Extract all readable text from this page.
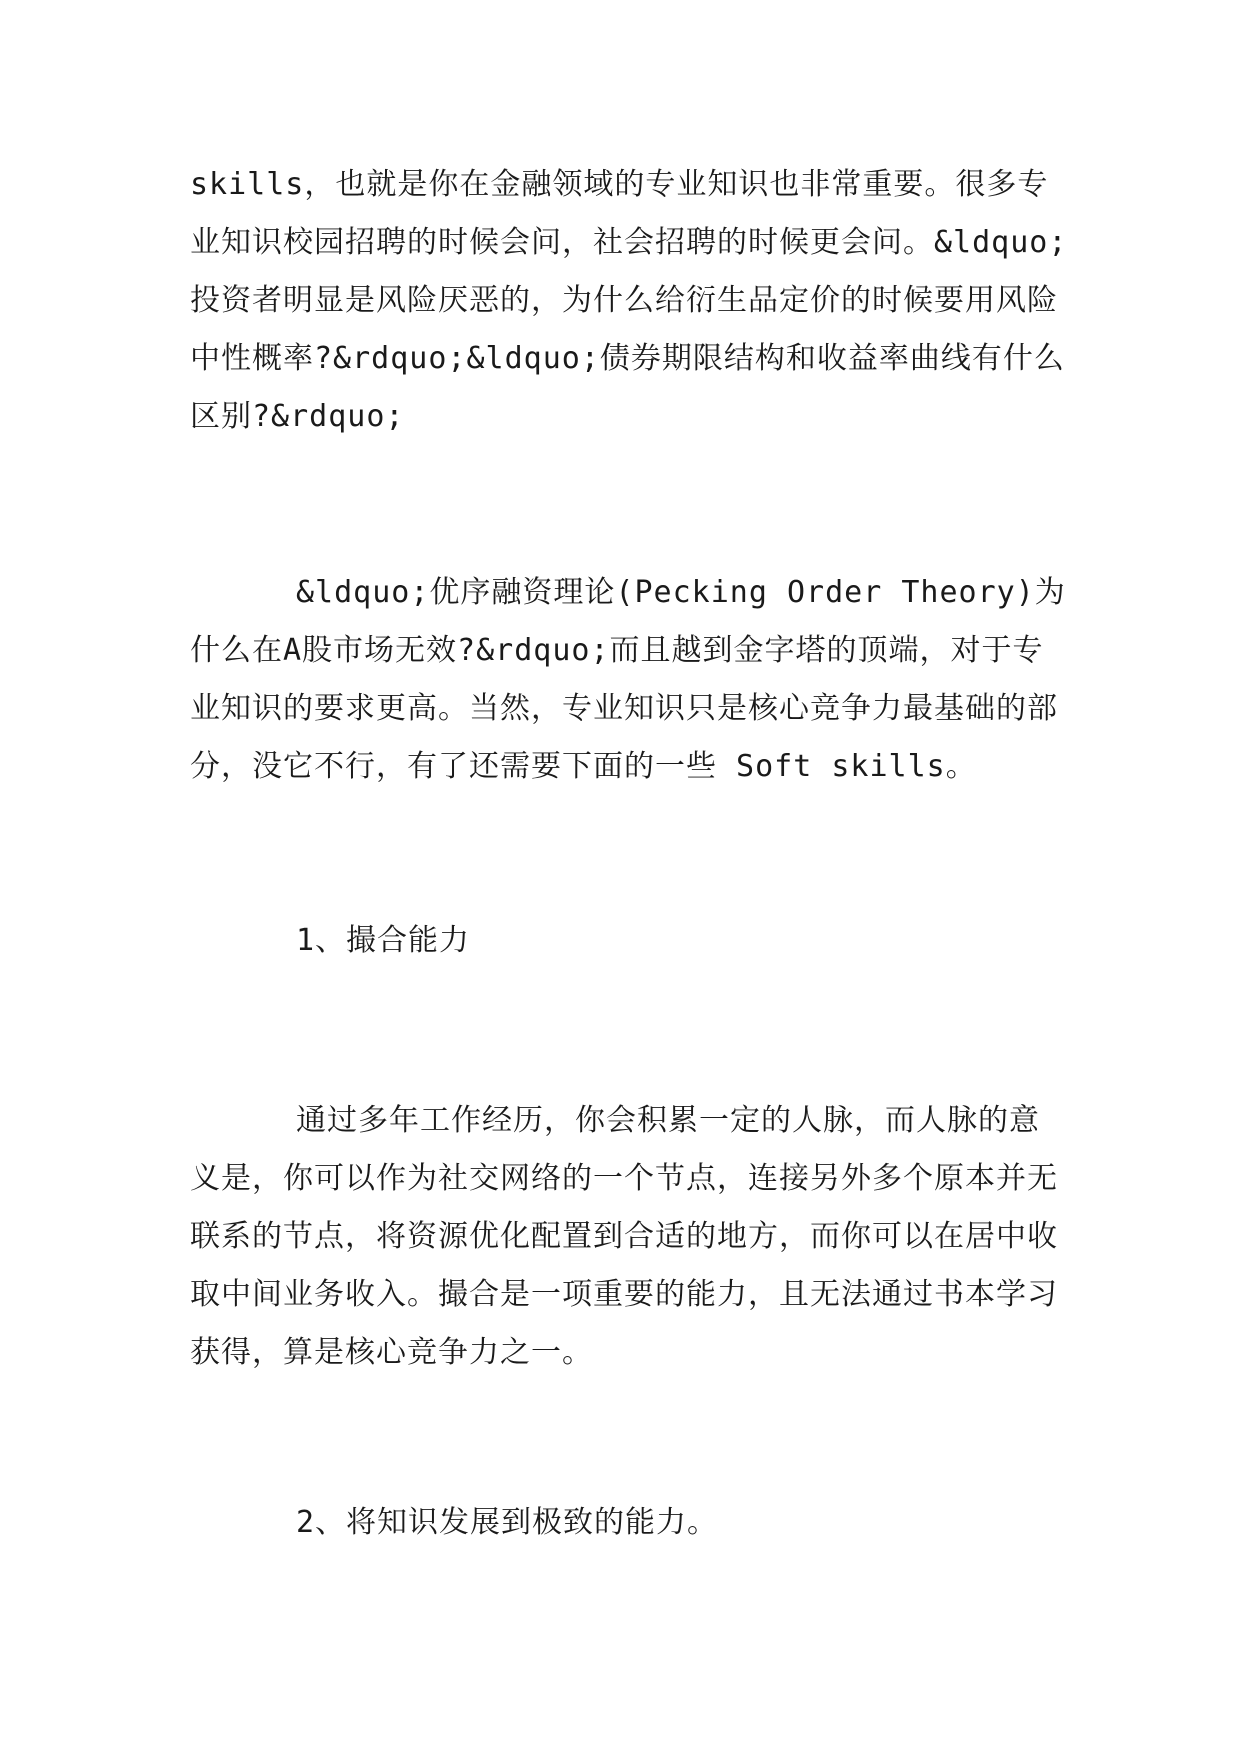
skills，也就是你在金融领域的专业知识也非常重要。很多专业知识校园招聘的时候会问，社会招聘的时候更会问。&ldquo;投资者明显是风险厌恶的，为什么给衍生品定价的时候要用风险中性概率?&rdquo;&ldquo;债券期限结构和收益率曲线有什么区别?&rdquo;

&ldquo;优序融资理论(Pecking Order Theory)为什么在A股市场无效?&rdquo;而且越到金字塔的顶端，对于专业知识的要求更高。当然，专业知识只是核心竞争力最基础的部分，没它不行，有了还需要下面的一些 Soft skills。

1、撮合能力

通过多年工作经历，你会积累一定的人脉，而人脉的意义是，你可以作为社交网络的一个节点，连接另外多个原本并无联系的节点，将资源优化配置到合适的地方，而你可以在居中收取中间业务收入。撮合是一项重要的能力，且无法通过书本学习获得，算是核心竞争力之一。

2、将知识发展到极致的能力。
